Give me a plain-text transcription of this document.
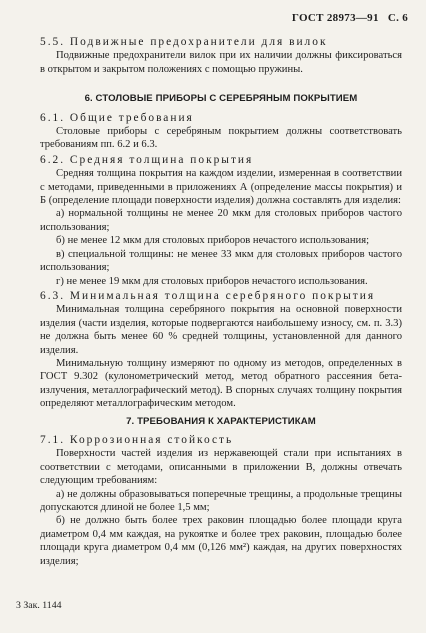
ГОСТ 28973—91 С. 6

5.5. Подвижные предохранители для вилок

Подвижные предохранители вилок при их наличии должны фиксироваться в открытом и закрытом положениях с помощью пружины.

6. СТОЛОВЫЕ ПРИБОРЫ С СЕРЕБРЯНЫМ ПОКРЫТИЕМ

6.1. Общие требования

Столовые приборы с серебряным покрытием должны соответствовать требованиям пп. 6.2 и 6.3.

6.2. Средняя толщина покрытия

Средняя толщина покрытия на каждом изделии, измеренная в соответствии с методами, приведенными в приложениях А (определение массы покрытия) и Б (определение площади поверхности изделия) должна составлять для изделия:

а) нормальной толщины не менее 20 мкм для столовых приборов частого использования;

б) не менее 12 мкм для столовых приборов нечастого использования;

в) специальной толщины: не менее 33 мкм для столовых приборов частого использования;

г) не менее 19 мкм для столовых приборов нечастого использования.

6.3. Минимальная толщина серебряного покрытия

Минимальная толщина серебряного покрытия на основной поверхности изделия (части изделия, которые подвергаются наибольшему износу, см. п. 3.3) не должна быть менее 60 % средней толщины, установленной для данного изделия.

Минимальную толщину измеряют по одному из методов, определенных в ГОСТ 9.302 (кулонометрический метод, метод обратного рассеяния бета-излучения, металлографический метод). В спорных случаях толщину покрытия определяют металлографическим методом.

7. ТРЕБОВАНИЯ К ХАРАКТЕРИСТИКАМ

7.1. Коррозионная стойкость

Поверхности частей изделия из нержавеющей стали при испытаниях в соответствии с методами, описанными в приложении В, должны отвечать следующим требованиям:

а) не должны образовываться поперечные трещины, а продольные трещины допускаются длиной не более 1,5 мм;

б) не должно быть более трех раковин площадью более площади круга диаметром 0,4 мм каждая, на рукоятке и более трех раковин, площадью более площади круга диаметром 0,4 мм (0,126 мм²) каждая, на других поверхностях изделия;

3 Зак. 1144
